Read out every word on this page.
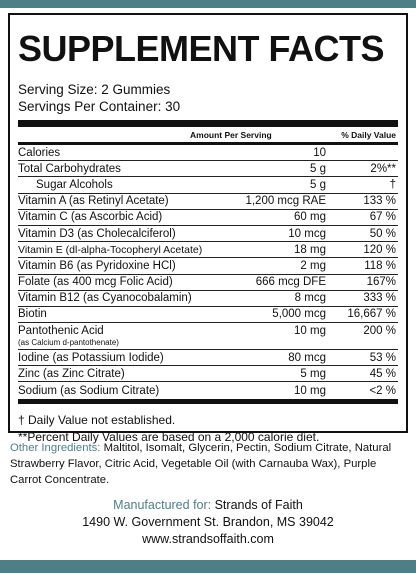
SUPPLEMENT FACTS
Serving Size: 2 Gummies
Servings Per Container: 30
Amount Per Serving	% Daily Value
Calories	10
Total Carbohydrates	5 g	2%**
Sugar Alcohols	5 g	†
Vitamin A (as Retinyl Acetate)	1,200 mcg RAE	133 %
Vitamin C (as Ascorbic Acid)	60 mg	67 %
Vitamin D3 (as Cholecalciferol)	10 mcg	50 %
Vitamin E (dl-alpha-Tocopheryl Acetate)	18 mg	120 %
Vitamin B6 (as Pyridoxine HCl)	2 mg	118 %
Folate (as 400 mcg Folic Acid)	666 mcg DFE	167%
Vitamin B12 (as Cyanocobalamin)	8 mcg	333 %
Biotin	5,000 mcg	16,667 %
Pantothenic Acid
(as Calcium d-pantothenate)
10 mg	200 %
Iodine (as Potassium Iodide)	80 mcg	53 %
Zinc (as Zinc Citrate)	5 mg	45 %
Sodium (as Sodium Citrate)	10 mg	<2 %
† Daily Value not established.
**Percent Daily Values are based on a 2,000 calorie diet.
Other Ingredients: Maltitol, Isomalt, Glycerin, Pectin, Sodium Citrate, Natural Strawberry Flavor, Citric Acid, Vegetable Oil (with Carnauba Wax), Purple Carrot Concentrate.
Manufactured for: Strands of Faith
1490 W. Government St. Brandon, MS 39042
www.strandsoffaith.com
